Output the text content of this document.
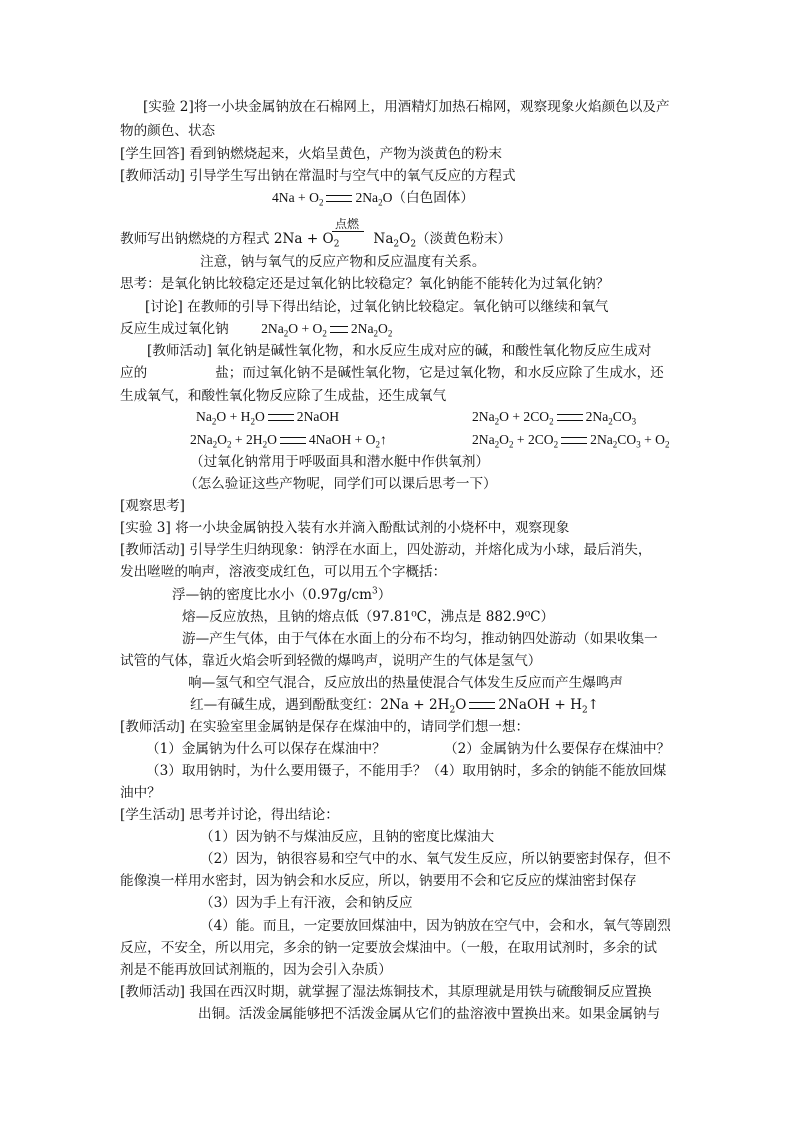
[实验 2]将一小块金属钠放在石棉网上，用酒精灯加热石棉网，观察现象火焰颜色以及产
物的颜色、状态
[学生回答] 看到钠燃烧起来，火焰呈黄色，产物为淡黄色的粉末
[教师活动] 引导学生写出钠在常温时与空气中的氧气反应的方程式
$4Na + O_2$ $2Na_2O$（白色固体）
点燃
教师写出钠燃烧的方程式 $2Na + O_2$	$Na_2O_2$（淡黄色粉末）
注意，钠与氧气的反应产物和反应温度有关系。
思考：是氧化钠比较稳定还是过氧化钠比较稳定？氧化钠能不能转化为过氧化钠？
[讨论] 在教师的引导下得出结论，过氧化钠比较稳定。氧化钠可以继续和氧气
反应生成过氧化钠 $2Na_2O + O_2$ $2Na_2O_2$
[教师活动] 氧化钠是碱性氧化物，和水反应生成对应的碱，和酸性氧化物反应生成对
应的	盐；而过氧化钠不是碱性氧化物，它是过氧化物，和水反应除了生成水，还
生成氧气，和酸性氧化物反应除了生成盐，还生成氧气
$Na_2O + H_2O$ 2NaOH	$2Na_2O + 2CO_2$ $2Na_2CO_3$
$2Na_2O_2 + 2H_2O$ 4NaOH + $O_2↑$	$2Na_2O_2 + 2CO_2$ $2Na_2CO_3 + O_2$
（过氧化钠常用于呼吸面具和潜水艇中作供氧剂）
（怎么验证这些产物呢，同学们可以课后思考一下）
[观察思考]
[实验 3] 将一小块金属钠投入装有水并滴入酚酞试剂的小烧杯中，观察现象
[教师活动] 引导学生归纳现象：钠浮在水面上，四处游动，并熔化成为小球，最后消失，
发出咝咝的响声，溶液变成红色，可以用五个字概括：
浮—钠的密度比水小$(0.97g/cm^3)$
熔—反应放热，且钠的熔点低（97.81⁰C，沸点是 882.9⁰C）
游—产生气体，由于气体在水面上的分布不均匀，推动钠四处游动（如果收集一
试管的气体，靠近火焰会听到轻微的爆鸣声，说明产生的气体是氢气）
响—氢气和空气混合，反应放出的热量使混合气体发生反应而产生爆鸣声
红—有碱生成，遇到酚酞变红：$2Na + 2H_2O$ 2NaOH + $H_2↑$
[教师活动] 在实验室里金属钠是保存在煤油中的，请同学们想一想：
（1）金属钠为什么可以保存在煤油中？	（2）金属钠为什么要保存在煤油中？
（3）取用钠时，为什么要用镊子，不能用手？（4）取用钠时，多余的钠能不能放回煤
油中？
[学生活动] 思考并讨论，得出结论：
（1）因为钠不与煤油反应，且钠的密度比煤油大
（2）因为，钠很容易和空气中的水、氧气发生反应，所以钠要密封保存，但不
能像溴一样用水密封，因为钠会和水反应，所以，钠要用不会和它反应的煤油密封保存
（3）因为手上有汗液，会和钠反应
（4）能。而且，一定要放回煤油中，因为钠放在空气中，会和水，氧气等剧烈
反应，不安全，所以用完，多余的钠一定要放会煤油中。（一般，在取用试剂时，多余的试
剂是不能再放回试剂瓶的，因为会引入杂质）
[教师活动] 我国在西汉时期，就掌握了湿法炼铜技术，其原理就是用铁与硫酸铜反应置换
出铜。活泼金属能够把不活泼金属从它们的盐溶液中置换出来。如果金属钠与
